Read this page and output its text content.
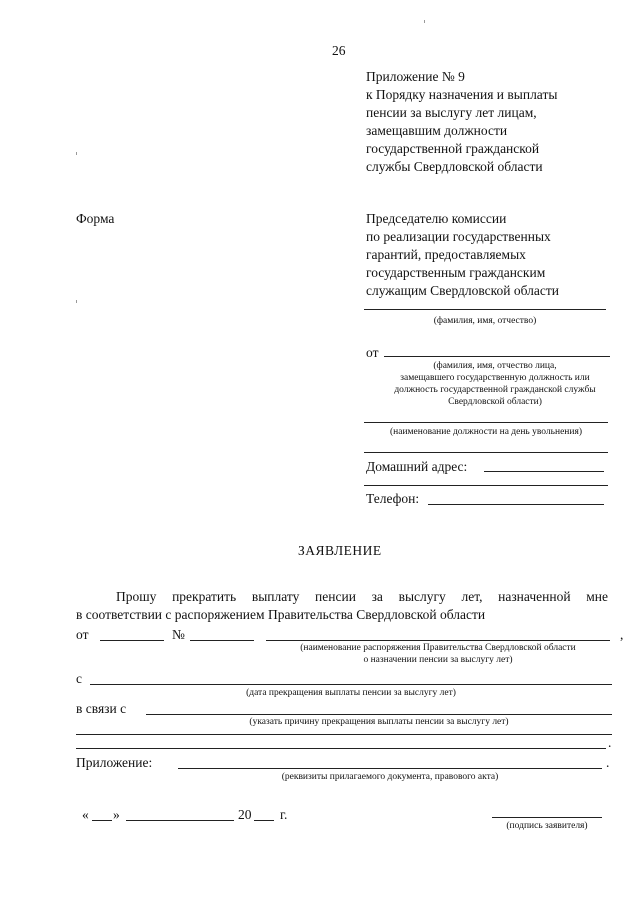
26
Приложение № 9
к Порядку назначения и выплаты
пенсии за выслугу лет лицам,
замещавшим должности
государственной гражданской
службы Свердловской области
Форма	Председателю комиссии
по реализации государственных
гарантий, предоставляемых
государственным гражданским
служащим Свердловской области
(фамилия, имя, отчество)
от
(фамилия, имя, отчество лица,
замещавшего государственную должность или
должность государственной гражданской службы
Свердловской области)
(наименование должности на день увольнения)
Домашний адрес:
Телефон:
ЗАЯВЛЕНИЕ
Прошу прекратить выплату пенсии за выслугу лет, назначенной мне
в соответствии с распоряжением Правительства Свердловской области
от	№	,
(наименование распоряжения Правительства Свердловской области
о назначении пенсии за выслугу лет)
с
(дата прекращения выплаты пенсии за выслугу лет)
в связи с
(указать причину прекращения выплаты пенсии за выслугу лет)
.
Приложение:	.
(реквизиты прилагаемого документа, правового акта)
« »	20 г.
(подпись заявителя)
